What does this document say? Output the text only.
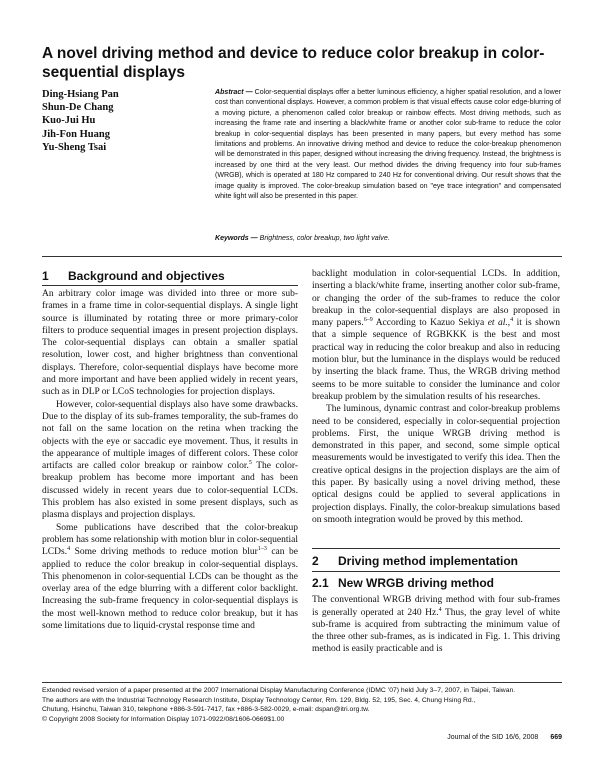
A novel driving method and device to reduce color breakup in color-sequential displays
Ding-Hsiang Pan
Shun-De Chang
Kuo-Jui Hu
Jih-Fon Huang
Yu-Sheng Tsai
Abstract — Color-sequential displays offer a better luminous efficiency, a higher spatial resolution, and a lower cost than conventional displays. However, a common problem is that visual effects cause color edge-blurring of a moving picture, a phenomenon called color breakup or rainbow effects. Most driving methods, such as increasing the frame rate and inserting a black/white frame or another color sub-frame to reduce the color breakup in color-sequential displays has been presented in many papers, but every method has some limitations and problems. An innovative driving method and device to reduce the color-breakup phenomenon will be demonstrated in this paper, designed without increasing the driving frequency. Instead, the brightness is increased by one third at the very least. Our method divides the driving frequency into four sub-frames (WRGB), which is operated at 180 Hz compared to 240 Hz for conventional driving. Our result shows that the image quality is improved. The color-breakup simulation based on "eye trace integration" and compensated white light will also be presented in this paper.
Keywords — Brightness, color breakup, two light valve.
1 Background and objectives

An arbitrary color image was divided into three or more sub-frames in a frame time in color-sequential displays. A single light source is illuminated by rotating three or more primary-color filters to produce sequential images in present projection displays. The color-sequential displays can obtain a smaller spatial resolution, lower cost, and higher brightness than conventional displays. Therefore, color-sequential displays have become more and more important and have been applied widely in recent years, such as in DLP or LCoS technologies for projection displays.

However, color-sequential displays also have some drawbacks. Due to the display of its sub-frames temporality, the sub-frames do not fall on the same location on the retina when tracking the objects with the eye or saccadic eye movement. Thus, it results in the appearance of multiple images of different colors. These color artifacts are called color breakup or rainbow color.$^5$ The color-breakup problem has become more important and has been discussed widely in recent years due to color-sequential LCDs. This problem has also existed in some present displays, such as plasma displays and projection displays.

Some publications have described that the color-breakup problem has some relationship with motion blur in color-sequential LCDs.$^4$ Some driving methods to reduce motion blur$^{1-3}$ can be applied to reduce the color breakup in color-sequential displays. This phenomenon in color-sequential LCDs can be thought as the overlay area of the edge blurring with a different color backlight. Increasing the sub-frame frequency in color-sequential displays is the most well-known method to reduce color breakup, but it has some limitations due to liquid-crystal response time and

backlight modulation in color-sequential LCDs. In addition, inserting a black/white frame, inserting another color sub-frame, or changing the order of the sub-frames to reduce the color breakup in the color-sequential displays are also proposed in many papers.$^{6-9}$ According to Kazuo Sekiya et al.,$^4$ it is shown that a simple sequence of RGBKKK is the best and most practical way in reducing the color breakup and also in reducing motion blur, but the luminance in the displays would be reduced by inserting the black frame. Thus, the WRGB driving method seems to be more suitable to consider the luminance and color breakup problem by the simulation results of his researches.

The luminous, dynamic contrast and color-breakup problems need to be considered, especially in color-sequential projection problems. First, the unique WRGB driving method is demonstrated in this paper, and second, some simple optical measurements would be investigated to verify this idea. Then the creative optical designs in the projection displays are the aim of this paper. By basically using a novel driving method, these optical designs could be applied to several applications in projection displays. Finally, the color-breakup simulations based on smooth integration would be proved by this method.

2 Driving method implementation
2.1 New WRGB driving method

The conventional WRGB driving method with four sub-frames is generally operated at 240 Hz.$^4$ Thus, the gray level of white sub-frame is acquired from subtracting the minimum value of the three other sub-frames, as is indicated in Fig. 1. This driving method is easily practicable and is

Extended revised version of a paper presented at the 2007 International Display Manufacturing Conference (IDMC ’07) held July 3–7, 2007, in Taipei, Taiwan.
The authors are with the Industrial Technology Research Institute, Display Technology Center, Rm. 129, Bldg. 52, 195, Sec. 4, Chung Hsing Rd.,
Chutung, Hsinchu, Taiwan 310, telephone +886-3-591-7417, fax +886-3-582-0029, e-mail: dspan@itri.org.tw.
© Copyright 2008 Society for Information Display 1071-0922/08/1606-0669$1.00
Journal of the SID 16/6, 2008 669
